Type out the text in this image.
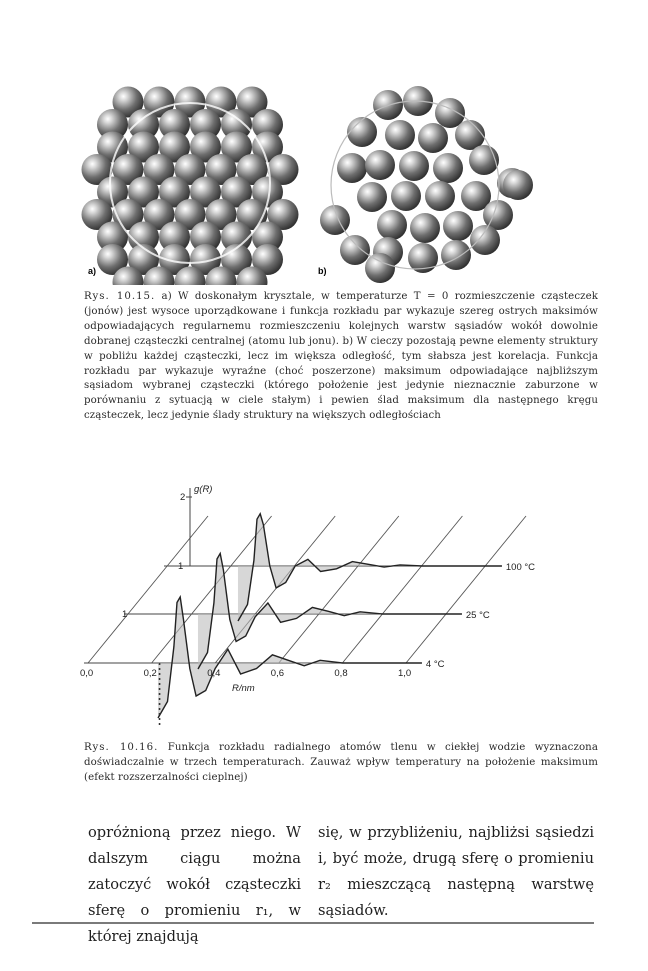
a)	b)

Rys. 10.15. a) W doskonałym krysztale, w temperaturze T = 0 rozmieszczenie cząsteczek (jonów) jest wysoce uporządkowane i funkcja rozkładu par wykazuje szereg ostrych maksimów odpowiadających regularnemu rozmieszczeniu kolejnych warstw sąsiadów wokół dowolnie dobranej cząsteczki centralnej (atomu lub jonu). b) W cieczy pozostają pewne elementy struktury w pobliżu każdej cząsteczki, lecz im większa odległość, tym słabsza jest korelacja. Funkcja rozkładu par wykazuje wyraźne (choć poszerzone) maksimum odpowiadające najbliższym sąsiadom wybranej cząsteczki (którego położenie jest jedynie nieznacznie zaburzone w porównaniu z sytuacją w ciele stałym) i pewien ślad maksimum dla następnego kręgu cząsteczek, lecz jedynie ślady struktury na większych odległościach

4 °C
25 °C
100 °C
0,0	0,2	0,4	0,6	0,8	1,0
R/nm
g(R)
2
1
1

Rys. 10.16. Funkcja rozkładu radialnego atomów tlenu w ciekłej wodzie wyznaczona doświadczalnie w trzech temperaturach. Zauważ wpływ temperatury na położenie maksimum (efekt rozszerzalności cieplnej)

opróżnioną przez niego. W dalszym ciągu można zatoczyć wokół cząsteczki sferę o promieniu r₁, w której znajdują

się, w przybliżeniu, najbliżsi sąsiedzi i, być może, drugą sferę o promieniu r₂ mieszczącą następną warstwę sąsiadów.
